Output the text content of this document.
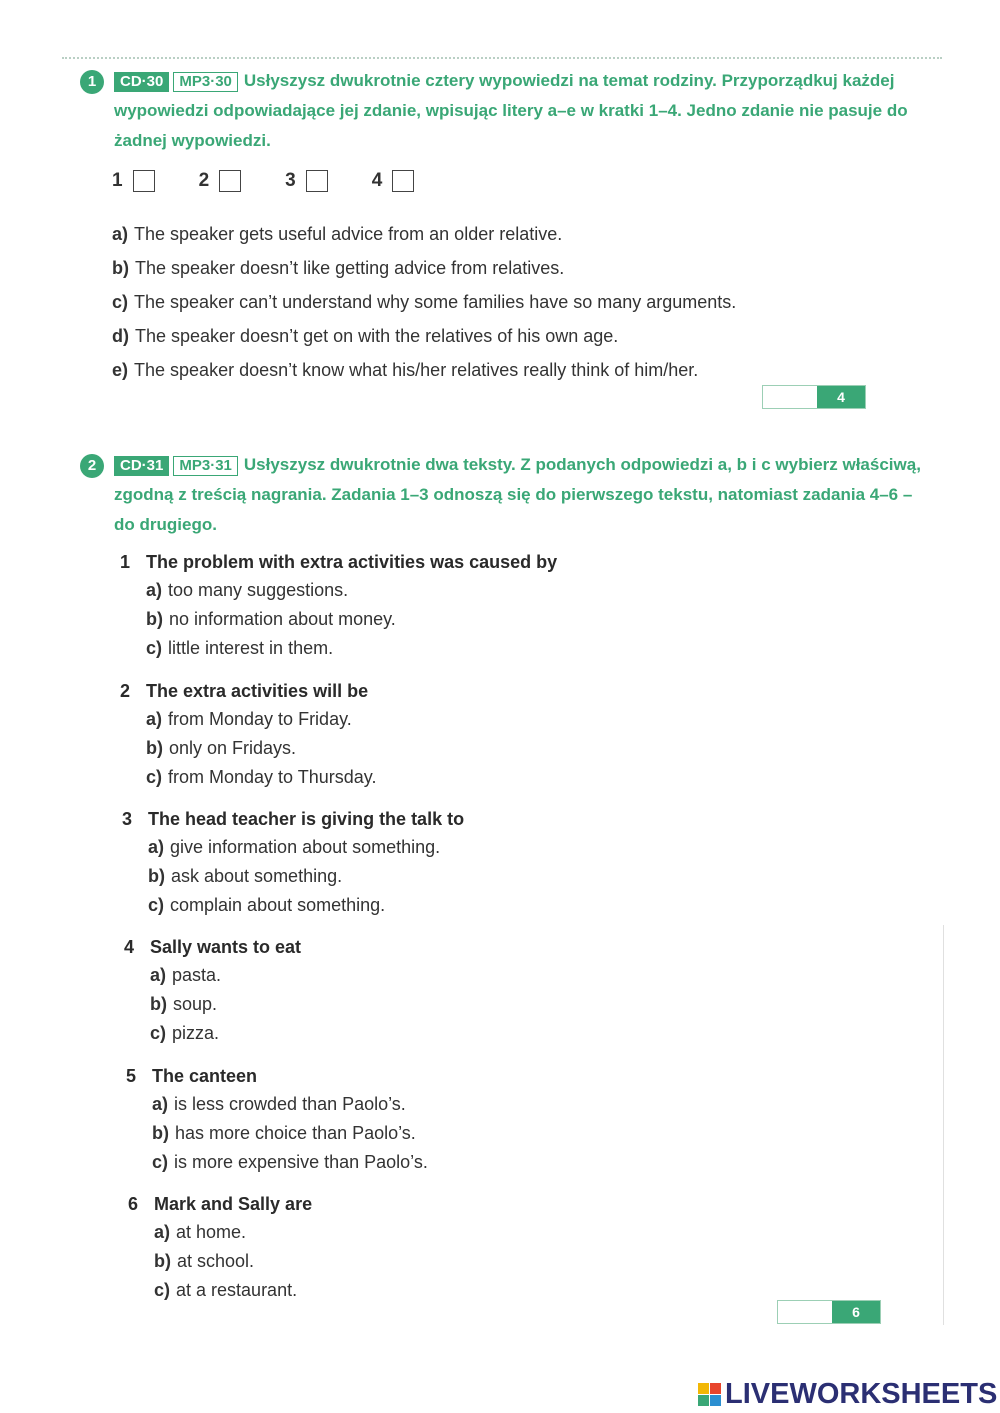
1	CD·30 MP3·30 Usłyszysz dwukrotnie cztery wypowiedzi na temat rodziny. Przyporządkuj każdej wypowiedzi odpowiadające jej zdanie, wpisując litery a–e w kratki 1–4. Jedno zdanie nie pasuje do żadnej wypowiedzi.
1	2	3	4
a) The speaker gets useful advice from an older relative.
b) The speaker doesn’t like getting advice from relatives.
c) The speaker can’t understand why some families have so many arguments.
d) The speaker doesn’t get on with the relatives of his own age.
e) The speaker doesn’t know what his/her relatives really think of him/her.
4
2	CD·31 MP3·31 Usłyszysz dwukrotnie dwa teksty. Z podanych odpowiedzi a, b i c wybierz właściwą, zgodną z treścią nagrania. Zadania 1–3 odnoszą się do pierwszego tekstu, natomiast zadania 4–6 – do drugiego.
1 The problem with extra activities was caused by
a) too many suggestions.
b) no information about money.
c) little interest in them.
2 The extra activities will be
a) from Monday to Friday.
b) only on Fridays.
c) from Monday to Thursday.
3 The head teacher is giving the talk to
a) give information about something.
b) ask about something.
c) complain about something.
4 Sally wants to eat
a) pasta.
b) soup.
c) pizza.
5 The canteen
a) is less crowded than Paolo’s.
b) has more choice than Paolo’s.
c) is more expensive than Paolo’s.
6 Mark and Sally are
a) at home.
b) at school.
c) at a restaurant.
6
LIVEWORKSHEETS
